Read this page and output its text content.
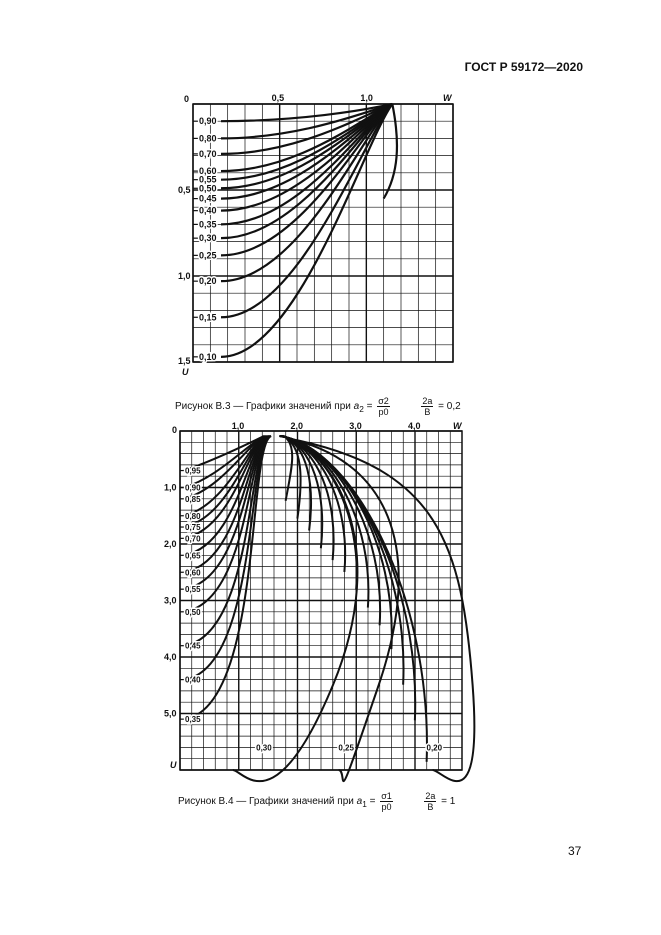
ГОСТ Р 59172—2020
0	0,5	1,0	W
0,5
1,0
1,5
U
0,90
0,80
0,70
0,60
0,55
0,50
0,45
0,40
0,35
0,30
0,25
0,20
0,15
0,10
1,0	2,0	3,0	4,0	W
0
1,0
2,0
3,0
4,0
5,0
U
0,95
0,90
0,85
0,80
0,75
0,70
0,65
0,60
0,55
0,50
0,45
0,40
0,35
0,30	0,25	0,20
Рисунок В.3 — Графики значений при $a_2 = \frac{\sigma 2}{p0}$
	$\frac{2a}{B} = 0,2$
Рисунок В.4 — Графики значений при $a_1 = \frac{\sigma 1}{p0}$
	$\frac{2a}{B} = 1$
37
